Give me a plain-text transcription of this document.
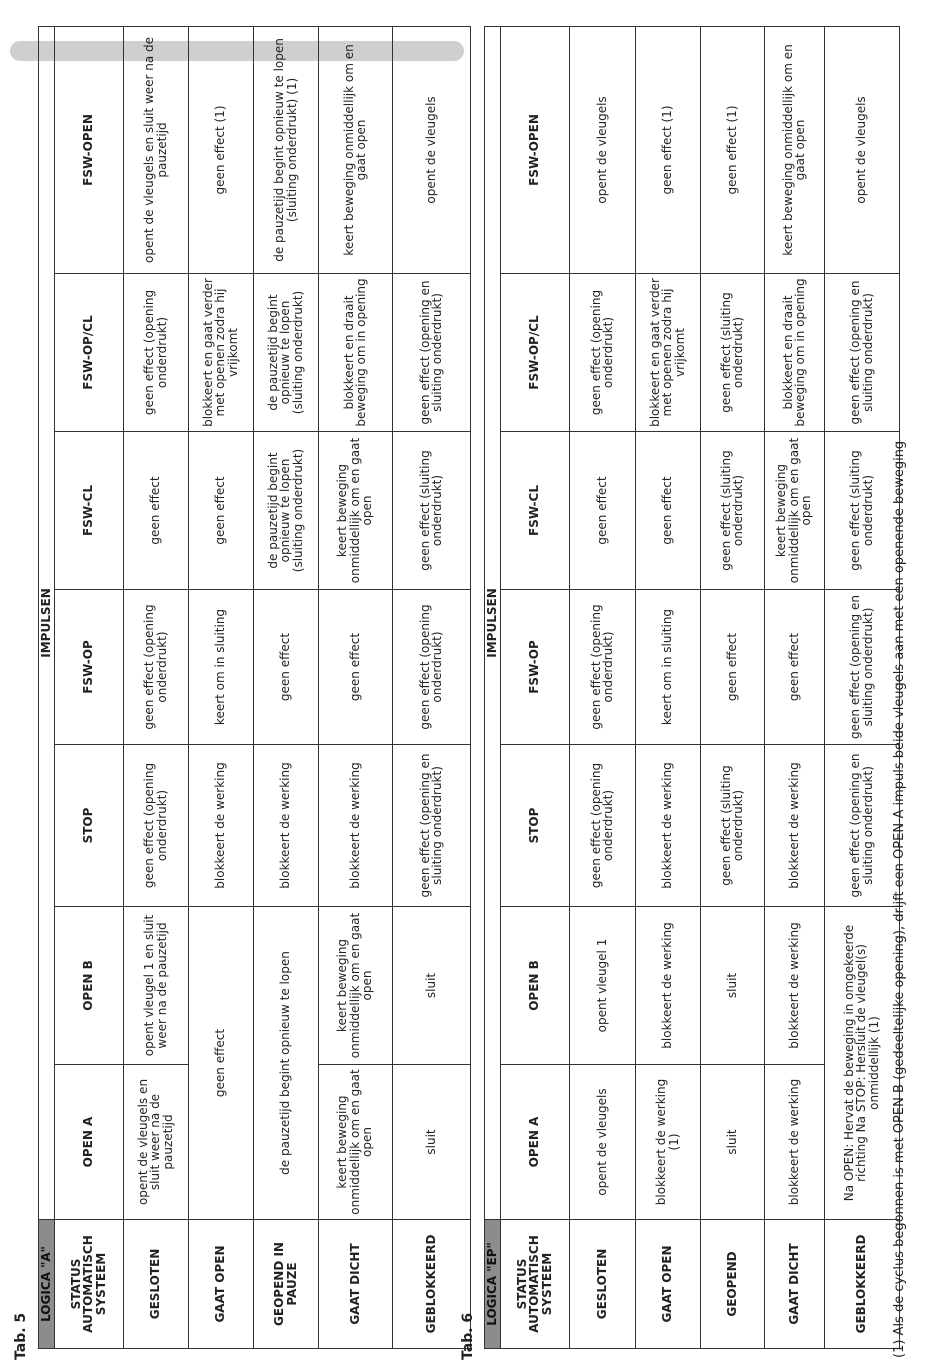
Tab. 5
LOGICA "A"	IMPULSEN						
STATUS AUTOMATISCH SYSTEEM	OPEN A	OPEN B	STOP	FSW-OP	FSW-CL	FSW-OP/CL	FSW-OPEN
GESLOTEN	opent de vleugels en sluit weer na de pauzetijd	opent vleugel 1 en sluit weer na de pauzetijd	geen effect (opening onderdrukt)	geen effect (opening onderdrukt)	geen effect	geen effect (opening onderdrukt)	opent de vleugels en sluit weer na de pauzetijd
GAAT OPEN	geen effect		blokkeert de werking	keert om in sluiting	geen effect	blokkeert en gaat verder met openen zodra hij vrijkomt	geen effect (1)
GEOPEND IN PAUZE	de pauzetijd begint opnieuw te lopen		blokkeert de werking	geen effect	de pauzetijd begint opnieuw te lopen (sluiting onderdrukt)	de pauzetijd begint opnieuw te lopen (sluiting onderdrukt)	de pauzetijd begint opnieuw te lopen (sluiting onderdrukt) (1)
GAAT DICHT	keert beweging onmiddellijk om en gaat open	keert beweging onmiddellijk om en gaat open	blokkeert de werking	geen effect	keert beweging onmiddellijk om en gaat open	blokkeert en draait beweging om in opening	keert beweging onmiddellijk om en gaat open
GEBLOKKEERD	sluit	sluit	geen effect (opening en sluiting onderdrukt)	geen effect (opening onderdrukt)	geen effect (sluiting onderdrukt)	geen effect (opening en sluiting onderdrukt)	opent de vleugels
Tab. 6
LOGICA "EP"	IMPULSEN						
STATUS AUTOMATISCH SYSTEEM	OPEN A	OPEN B	STOP	FSW-OP	FSW-CL	FSW-OP/CL	FSW-OPEN
GESLOTEN	opent de vleugels	opent vleugel 1	geen effect (opening onderdrukt)	geen effect (opening onderdrukt)	geen effect	geen effect (opening onderdrukt)	opent de vleugels
GAAT OPEN	blokkeert de werking (1)	blokkeert de werking	blokkeert de werking	keert om in sluiting	geen effect	blokkeert en gaat verder met openen zodra hij vrijkomt	geen effect (1)
GEOPEND	sluit	sluit	geen effect (sluiting onderdrukt)	geen effect	geen effect (sluiting onderdrukt)	geen effect (sluiting onderdrukt)	geen effect (1)
GAAT DICHT	blokkeert de werking	blokkeert de werking	blokkeert de werking	geen effect	keert beweging onmiddellijk om en gaat open	blokkeert en draait beweging om in opening	keert beweging onmiddellijk om en gaat open
GEBLOKKEERD	Na OPEN: Hervat de beweging in omgekeerde richting Na STOP: Hersluit de vleugel(s) onmiddellijk (1)		geen effect (opening en sluiting onderdrukt)	geen effect (opening en sluiting onderdrukt)	geen effect (sluiting onderdrukt)	geen effect (opening en sluiting onderdrukt)	opent de vleugels
(1) Als de cyclus begonnen is met OPEN-B (gedeeltelijke opening), drijft een OPEN-A impuls beide vleugels aan met een openende beweging
